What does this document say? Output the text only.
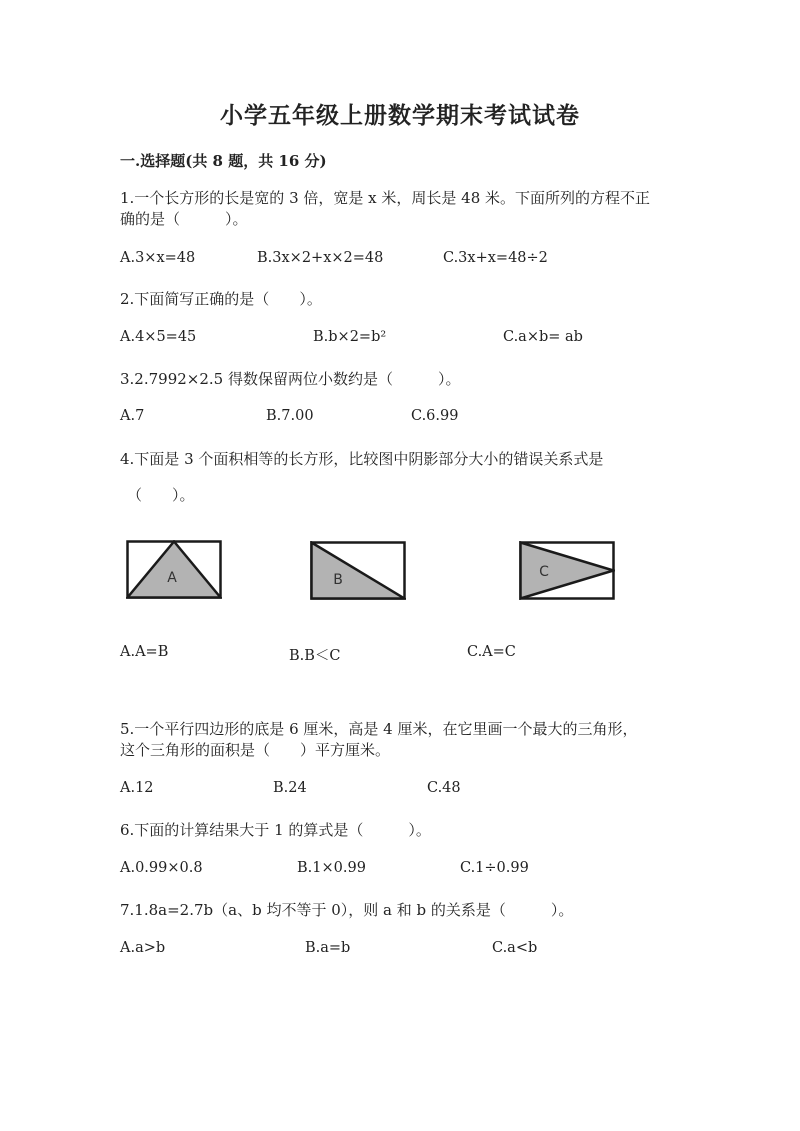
小学五年级上册数学期末考试试卷
一.选择题(共 8 题，共 16 分)
1.一个长方形的长是宽的 3 倍，宽是 x 米，周长是 48 米。下面所列的方程不正
确的是（　　　）。
A.3×x=48	B.3x×2+x×2=48	C.3x+x=48÷2
2.下面简写正确的是（　　）。
A.4×5=45	B.b×2=b²	C.a×b= ab
3.2.7992×2.5 得数保留两位小数约是（　　　）。
A.7	B.7.00	C.6.99
4.下面是 3 个面积相等的长方形，比较图中阴影部分大小的错误关系式是
（　　）。
A	B	C
A.A=B	B.B＜C	C.A=C
5.一个平行四边形的底是 6 厘米，高是 4 厘米，在它里画一个最大的三角形，
这个三角形的面积是（　　）平方厘米。
A.12	B.24	C.48
6.下面的计算结果大于 1 的算式是（　　　）。
A.0.99×0.8	B.1×0.99	C.1÷0.99
7.1.8a=2.7b（a、b 均不等于 0），则 a 和 b 的关系是（　　　）。
A.a>b	B.a=b	C.a<b
